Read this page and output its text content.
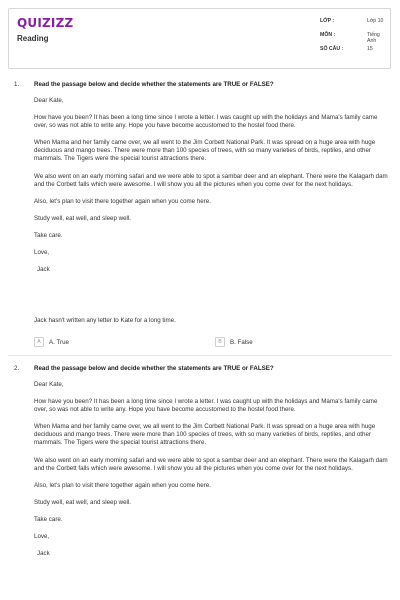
QUIZIZZ
Reading
LỚP :	Lớp 10
MÔN :	Tiếng Anh
SỐ CÂU :	15
1. Read the passage below and decide whether the statements are TRUE or FALSE?

Dear Kate,

How have you been? It has been a long time since I wrote a letter. I was caught up with the holidays and Mama's family came over, so was not able to write any. Hope you have become accustomed to the hostel food there.

When Mama and her family came over, we all went to the Jim Corbett National Park. It was spread on a huge area with huge deciduous and mango trees. There were more than 100 species of trees, with so many varieties of birds, reptiles, and other mammals. The Tigers were the special tourist attractions there.

We also went on an early morning safari and we were able to spot a sambar deer and an elephant. There were the Kalagarh dam and the Corbett falls which were awesome. I will show you all the pictures when you come over for the next holidays.

Also, let's plan to visit there together again when you come here.

Study well, eat well, and sleep well.

Take care.

Love,

Jack

Jack hasn't written any letter to Kate for a long time.
A	A. True	B	B. False
2. Read the passage below and decide whether the statements are TRUE or FALSE?

Dear Kate,

How have you been? It has been a long time since I wrote a letter. I was caught up with the holidays and Mama's family came over, so was not able to write any. Hope you have become accustomed to the hostel food there.

When Mama and her family came over, we all went to the Jim Corbett National Park. It was spread on a huge area with huge deciduous and mango trees. There were more than 100 species of trees, with so many varieties of birds, reptiles, and other mammals. The Tigers were the special tourist attractions there.

We also went on an early morning safari and we were able to spot a sambar deer and an elephant. There were the Kalagarh dam and the Corbett falls which were awesome. I will show you all the pictures when you come over for the next holidays.

Also, let's plan to visit there together again when you come here.

Study well, eat well, and sleep well.

Take care.

Love,

Jack
